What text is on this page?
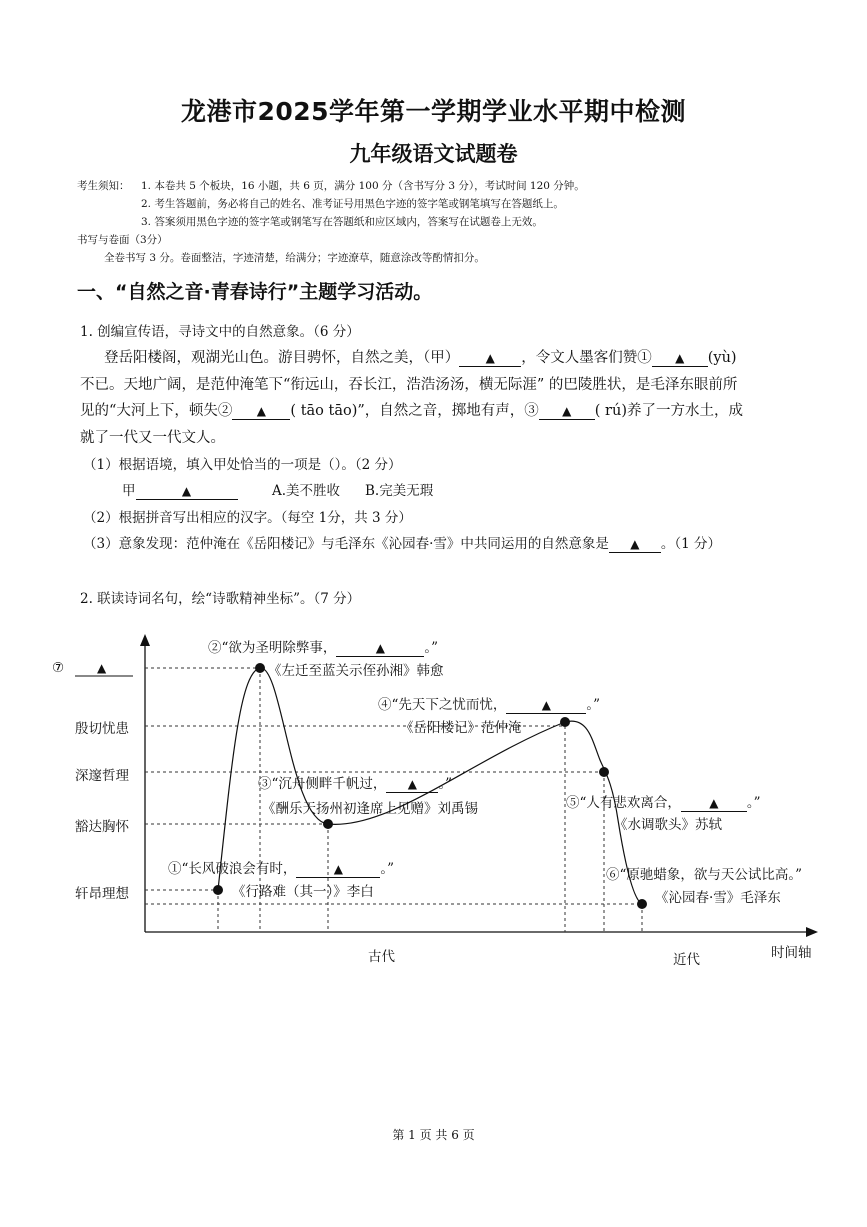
龙港市2025学年第一学期学业水平期中检测
九年级语文试题卷
考生须知： 1. 本卷共 5 个板块，16 小题，共 6 页，满分 100 分（含书写分 3 分），考试时间 120 分钟。
2. 考生答题前，务必将自己的姓名、准考证号用黑色字迹的签字笔或钢笔填写在答题纸上。
3. 答案须用黑色字迹的签字笔或钢笔写在答题纸和应区域内，答案写在试题卷上无效。
书写与卷面（3分）
全卷书写 3 分。卷面整洁，字迹清楚，给满分；字迹潦草，随意涂改等酌情扣分。
一、“自然之音·青春诗行”主题学习活动。
1. 创编宣传语，寻诗文中的自然意象。（6 分）
登岳阳楼阁，观湖光山色。游目骋怀，自然之美，（甲） ▲ ，令文人墨客们赞① ▲ (yù)
不已。天地广阔，是范仲淹笔下“衔远山，吞长江，浩浩汤汤，横无际涯” 的巴陵胜状，是毛泽东眼前所
见的“大河上下，顿失② ▲ ( tāo tāo)”，自然之音，掷地有声，③ ▲ ( rú)养了一方水土，成
就了一代又一代文人。
（1）根据语境，填入甲处恰当的一项是（）。（2 分）
甲	▲	A.美不胜收 B.完美无瑕
（2）根据拼音写出相应的汉字。（每空 1分，共 3 分）
（3）意象发现：范仲淹在《岳阳楼记》与毛泽东《沁园春·雪》中共同运用的自然意象是 ▲ 。（1 分）
2. 联读诗词名句，绘“诗歌精神坐标”。（7 分）
⑦	▲
殷切忧患
深邃哲理
豁达胸怀
轩昂理想
古代	近代	时间轴
②“欲为圣明除弊事，	▲	。”
《左迁至蓝关示侄孙湘》韩愈
④“先天下之忧而忧，	▲	。”
《岳阳楼记》范仲淹
③“沉舟侧畔千帆过， ▲ 。”
《酬乐天扬州初逢席上见赠》刘禹锡	⑤“人有悲欢离合， ▲ 。”
《水调歌头》苏轼
①“长风破浪会有时，	▲	。”
《行路难（其一）》李白
⑥“原驰蜡象，欲与天公试比高。”
《沁园春·雪》毛泽东
第 1 页 共 6 页
